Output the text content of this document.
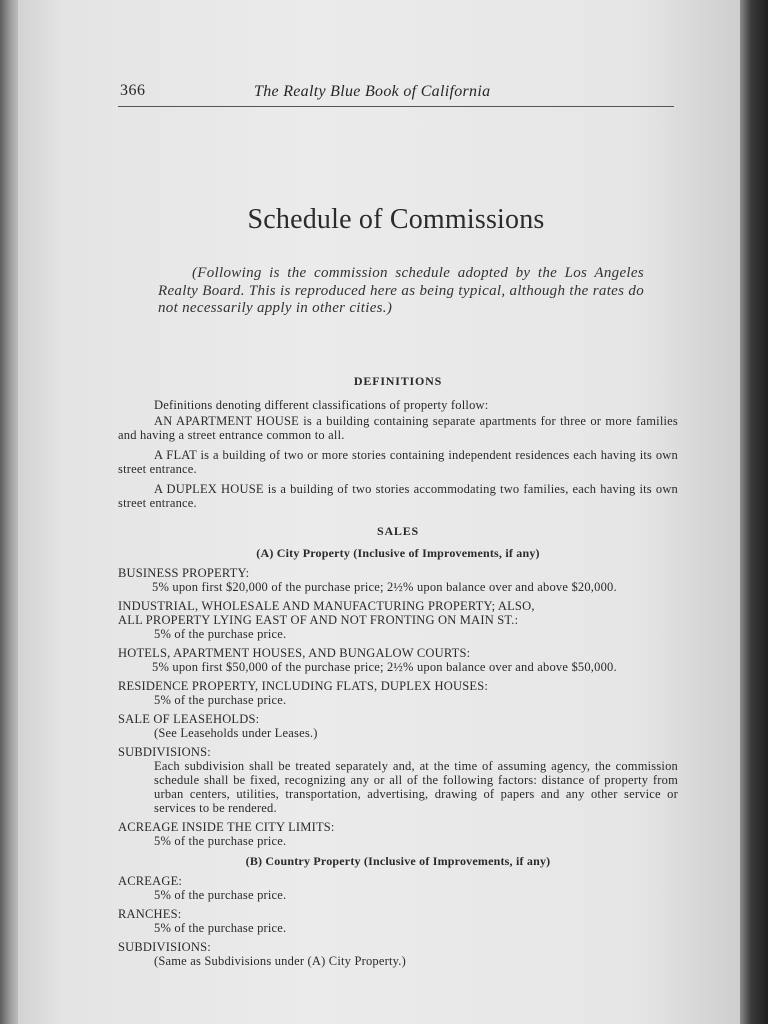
366	The Realty Blue Book of California
Schedule of Commissions
(Following is the commission schedule adopted by the Los Angeles Realty Board. This is reproduced here as being typical, although the rates do not necessarily apply in other cities.)
DEFINITIONS
Definitions denoting different classifications of property follow:
AN APARTMENT HOUSE is a building containing separate apartments for three or more families and having a street entrance common to all.
A FLAT is a building of two or more stories containing independent residences each having its own street entrance.
A DUPLEX HOUSE is a building of two stories accommodating two families, each having its own street entrance.
SALES
(A) City Property (Inclusive of Improvements, if any)
BUSINESS PROPERTY:
5% upon first $20,000 of the purchase price; 2½% upon balance over and above $20,000.
INDUSTRIAL, WHOLESALE AND MANUFACTURING PROPERTY; ALSO,
ALL PROPERTY LYING EAST OF AND NOT FRONTING ON MAIN ST.:
5% of the purchase price.
HOTELS, APARTMENT HOUSES, AND BUNGALOW COURTS:
5% upon first $50,000 of the purchase price; 2½% upon balance over and above $50,000.
RESIDENCE PROPERTY, INCLUDING FLATS, DUPLEX HOUSES:
5% of the purchase price.
SALE OF LEASEHOLDS:
(See Leaseholds under Leases.)
SUBDIVISIONS:
Each subdivision shall be treated separately and, at the time of assuming agency, the commission schedule shall be fixed, recognizing any or all of the following factors: distance of property from urban centers, utilities, transportation, advertising, drawing of papers and any other service or services to be rendered.
ACREAGE INSIDE THE CITY LIMITS:
5% of the purchase price.
(B) Country Property (Inclusive of Improvements, if any)
ACREAGE:
5% of the purchase price.
RANCHES:
5% of the purchase price.
SUBDIVISIONS:
(Same as Subdivisions under (A) City Property.)
